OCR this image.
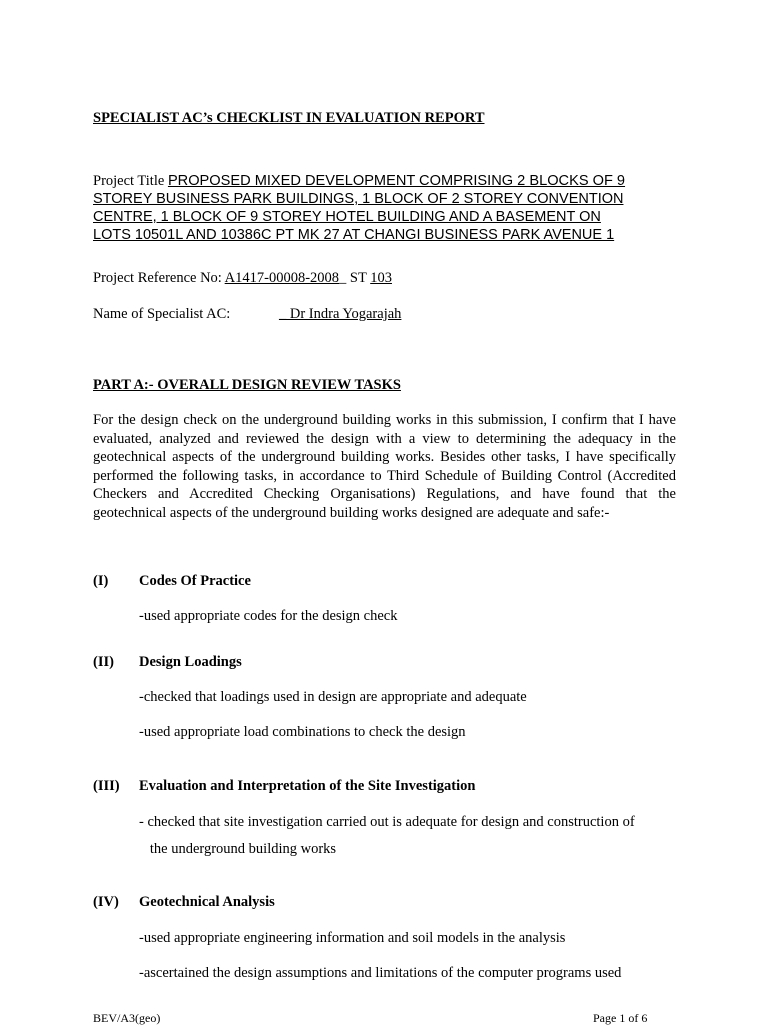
SPECIALIST AC’s CHECKLIST IN EVALUATION REPORT
Project Title PROPOSED MIXED DEVELOPMENT COMPRISING 2 BLOCKS OF 9
STOREY BUSINESS PARK BUILDINGS, 1 BLOCK OF 2 STOREY CONVENTION
CENTRE, 1 BLOCK OF 9 STOREY HOTEL BUILDING AND A BASEMENT ON
LOTS 10501L AND 10386C PT MK 27 AT CHANGI BUSINESS PARK AVENUE 1
Project Reference No: A1417-00008-2008_ ST 103
Name of Specialist AC:	_ Dr Indra Yogarajah
PART A:- OVERALL DESIGN REVIEW TASKS

For the design check on the underground building works in this submission, I confirm that I have evaluated, analyzed and reviewed the design with a view to determining the adequacy in the geotechnical aspects of the underground building works. Besides other tasks, I have specifically performed the following tasks, in accordance to Third Schedule of Building Control (Accredited Checkers and Accredited Checking Organisations) Regulations, and have found that the geotechnical aspects of the underground building works designed are adequate and safe:-

(I) Codes Of Practice
-used appropriate codes for the design check
(II) Design Loadings
-checked that loadings used in design are appropriate and adequate
-used appropriate load combinations to check the design
(III) Evaluation and Interpretation of the Site Investigation
- checked that site investigation carried out is adequate for design and construction of
the underground building works
(IV) Geotechnical Analysis
-used appropriate engineering information and soil models in the analysis
-ascertained the design assumptions and limitations of the computer programs used
BEV/A3(geo)	Page 1 of 6
